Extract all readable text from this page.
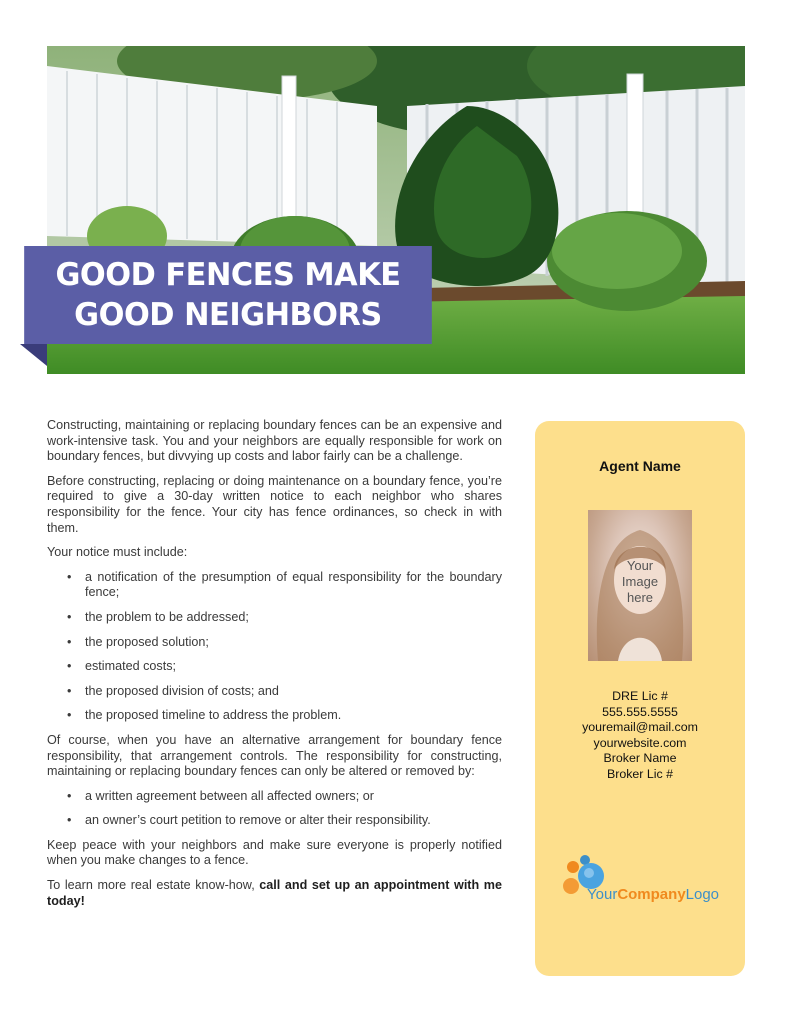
GOOD FENCES MAKE GOOD NEIGHBORS

Constructing, maintaining or replacing boundary fences can be an expensive and work-intensive task. You and your neighbors are equally responsible for work on boundary fences, but divvying up costs and labor fairly can be a challenge.

Before constructing, replacing or doing maintenance on a boundary fence, you’re required to give a 30-day written notice to each neighbor who shares responsibility for the fence. Your city has fence ordinances, so check in with them.

Your notice must include:

• a notification of the presumption of equal responsibility for the boundary fence;
• the problem to be addressed;
• the proposed solution;
• estimated costs;
• the proposed division of costs; and
• the proposed timeline to address the problem.

Of course, when you have an alternative arrangement for boundary fence responsibility, that arrangement controls. The responsibility for constructing, maintaining or replacing boundary fences can only be altered or removed by:

• a written agreement between all affected owners; or
• an owner’s court petition to remove or alter their responsibility.

Keep peace with your neighbors and make sure everyone is properly notified when you make changes to a fence.

To learn more real estate know-how, call and set up an appointment with me today!

Agent Name
Your
Image
here
DRE Lic #
555.555.5555
youremail@mail.com
yourwebsite.com
Broker Name
Broker Lic #
YourCompanyLogo
